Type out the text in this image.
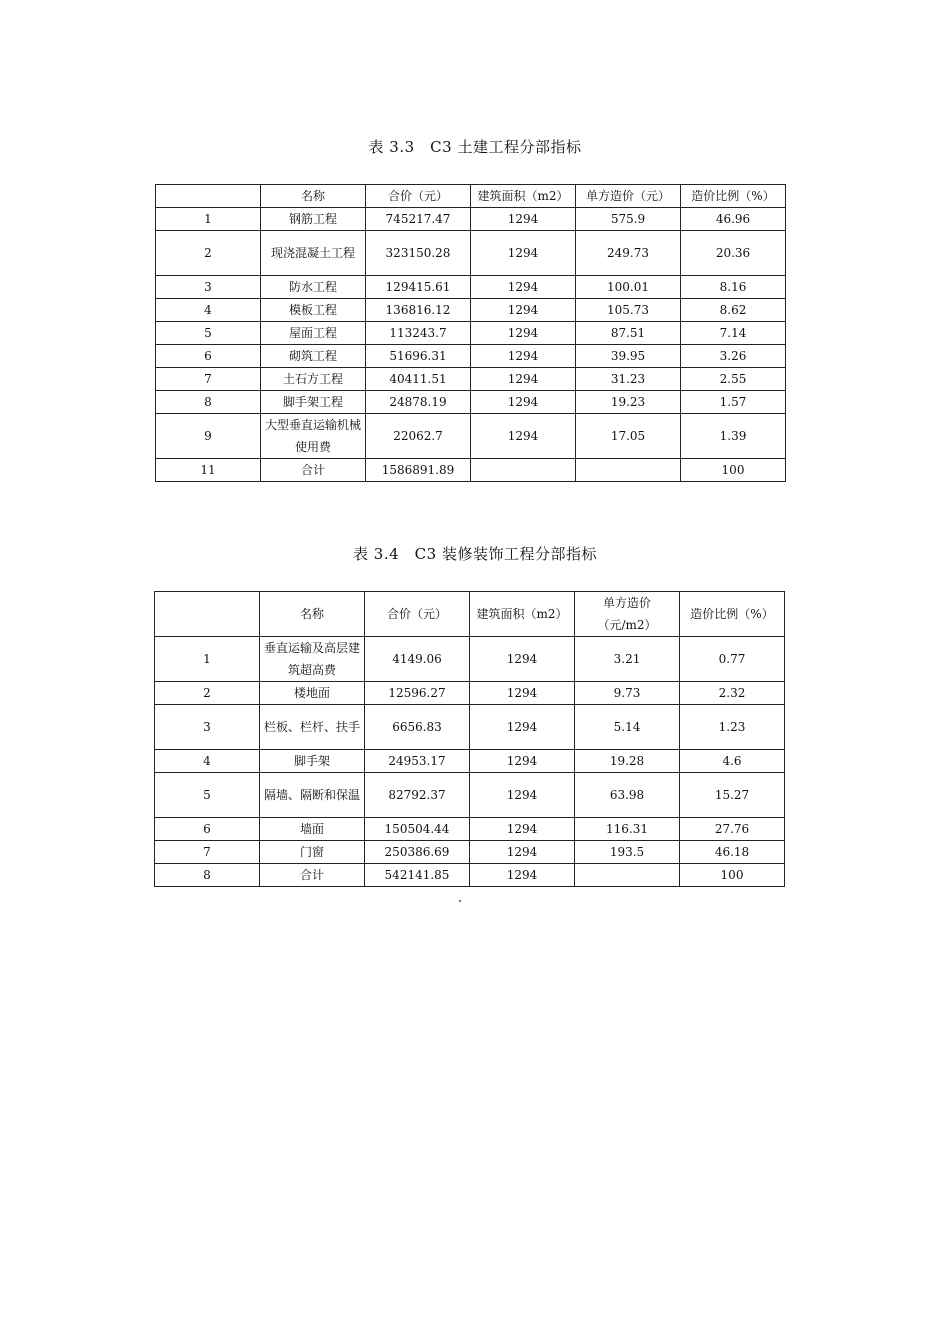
表 3.3　C3 土建工程分部指标
	名称	合价（元）	建筑面积（m2）	单方造价（元）	造价比例（%）
1	钢筋工程	745217.47	1294	575.9	46.96
2	现浇混凝土工程	323150.28	1294	249.73	20.36
3	防水工程	129415.61	1294	100.01	8.16
4	模板工程	136816.12	1294	105.73	8.62
5	屋面工程	113243.7	1294	87.51	7.14
6	砌筑工程	51696.31	1294	39.95	3.26
7	土石方工程	40411.51	1294	31.23	2.55
8	脚手架工程	24878.19	1294	19.23	1.57
9	大型垂直运输机械使用费	22062.7	1294	17.05	1.39
11	合计	1586891.89			100
表 3.4　C3 装修装饰工程分部指标
	名称	合价（元）	建筑面积（m2）	单方造价（元/m2）	造价比例（%）
1	垂直运输及高层建筑超高费	4149.06	1294	3.21	0.77
2	楼地面	12596.27	1294	9.73	2.32
3	栏板、栏杆、扶手	6656.83	1294	5.14	1.23
4	脚手架	24953.17	1294	19.28	4.6
5	隔墙、隔断和保温	82792.37	1294	63.98	15.27
6	墙面	150504.44	1294	116.31	27.76
7	门窗	250386.69	1294	193.5	46.18
8	合计	542141.85	1294		100
